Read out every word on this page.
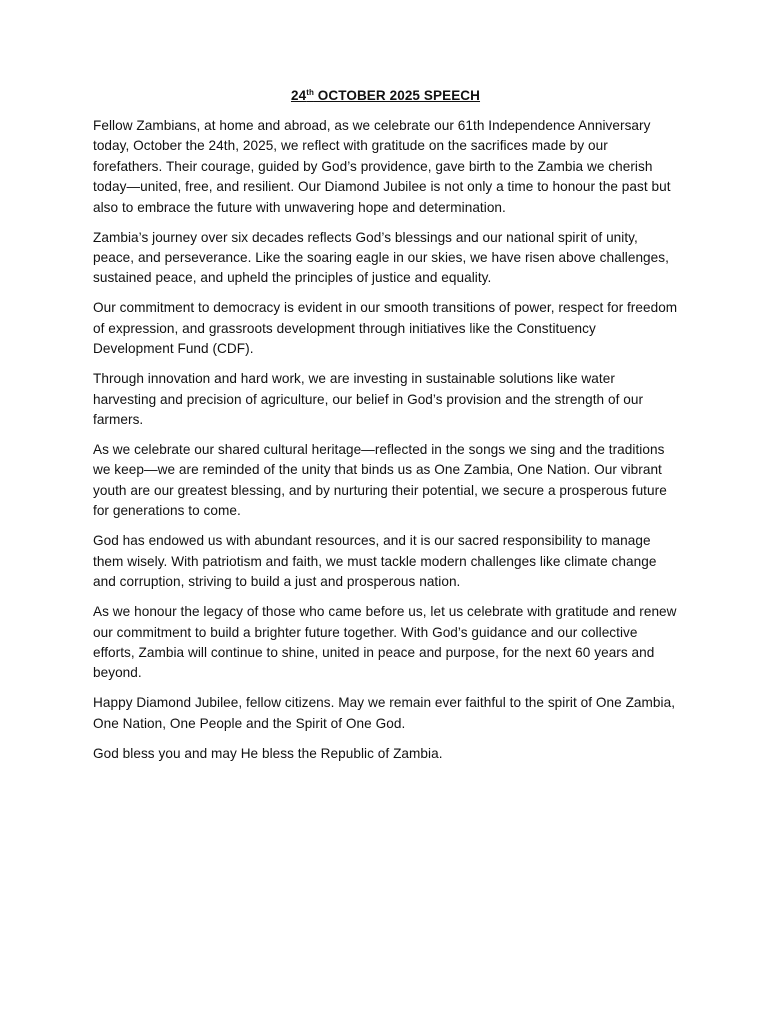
24th OCTOBER 2025 SPEECH

Fellow Zambians, at home and abroad, as we celebrate our 61th Independence Anniversary today, October the 24th, 2025, we reflect with gratitude on the sacrifices made by our forefathers. Their courage, guided by God’s providence, gave birth to the Zambia we cherish today—united, free, and resilient. Our Diamond Jubilee is not only a time to honour the past but also to embrace the future with unwavering hope and determination.

Zambia’s journey over six decades reflects God’s blessings and our national spirit of unity, peace, and perseverance. Like the soaring eagle in our skies, we have risen above challenges, sustained peace, and upheld the principles of justice and equality.

Our commitment to democracy is evident in our smooth transitions of power, respect for freedom of expression, and grassroots development through initiatives like the Constituency Development Fund (CDF).

Through innovation and hard work, we are investing in sustainable solutions like water harvesting and precision of agriculture, our belief in God’s provision and the strength of our farmers.

As we celebrate our shared cultural heritage—reflected in the songs we sing and the traditions we keep—we are reminded of the unity that binds us as One Zambia, One Nation. Our vibrant youth are our greatest blessing, and by nurturing their potential, we secure a prosperous future for generations to come.

God has endowed us with abundant resources, and it is our sacred responsibility to manage them wisely. With patriotism and faith, we must tackle modern challenges like climate change and corruption, striving to build a just and prosperous nation.

As we honour the legacy of those who came before us, let us celebrate with gratitude and renew our commitment to build a brighter future together. With God’s guidance and our collective efforts, Zambia will continue to shine, united in peace and purpose, for the next 60 years and beyond.

Happy Diamond Jubilee, fellow citizens. May we remain ever faithful to the spirit of One Zambia, One Nation, One People and the Spirit of One God.

God bless you and may He bless the Republic of Zambia.
